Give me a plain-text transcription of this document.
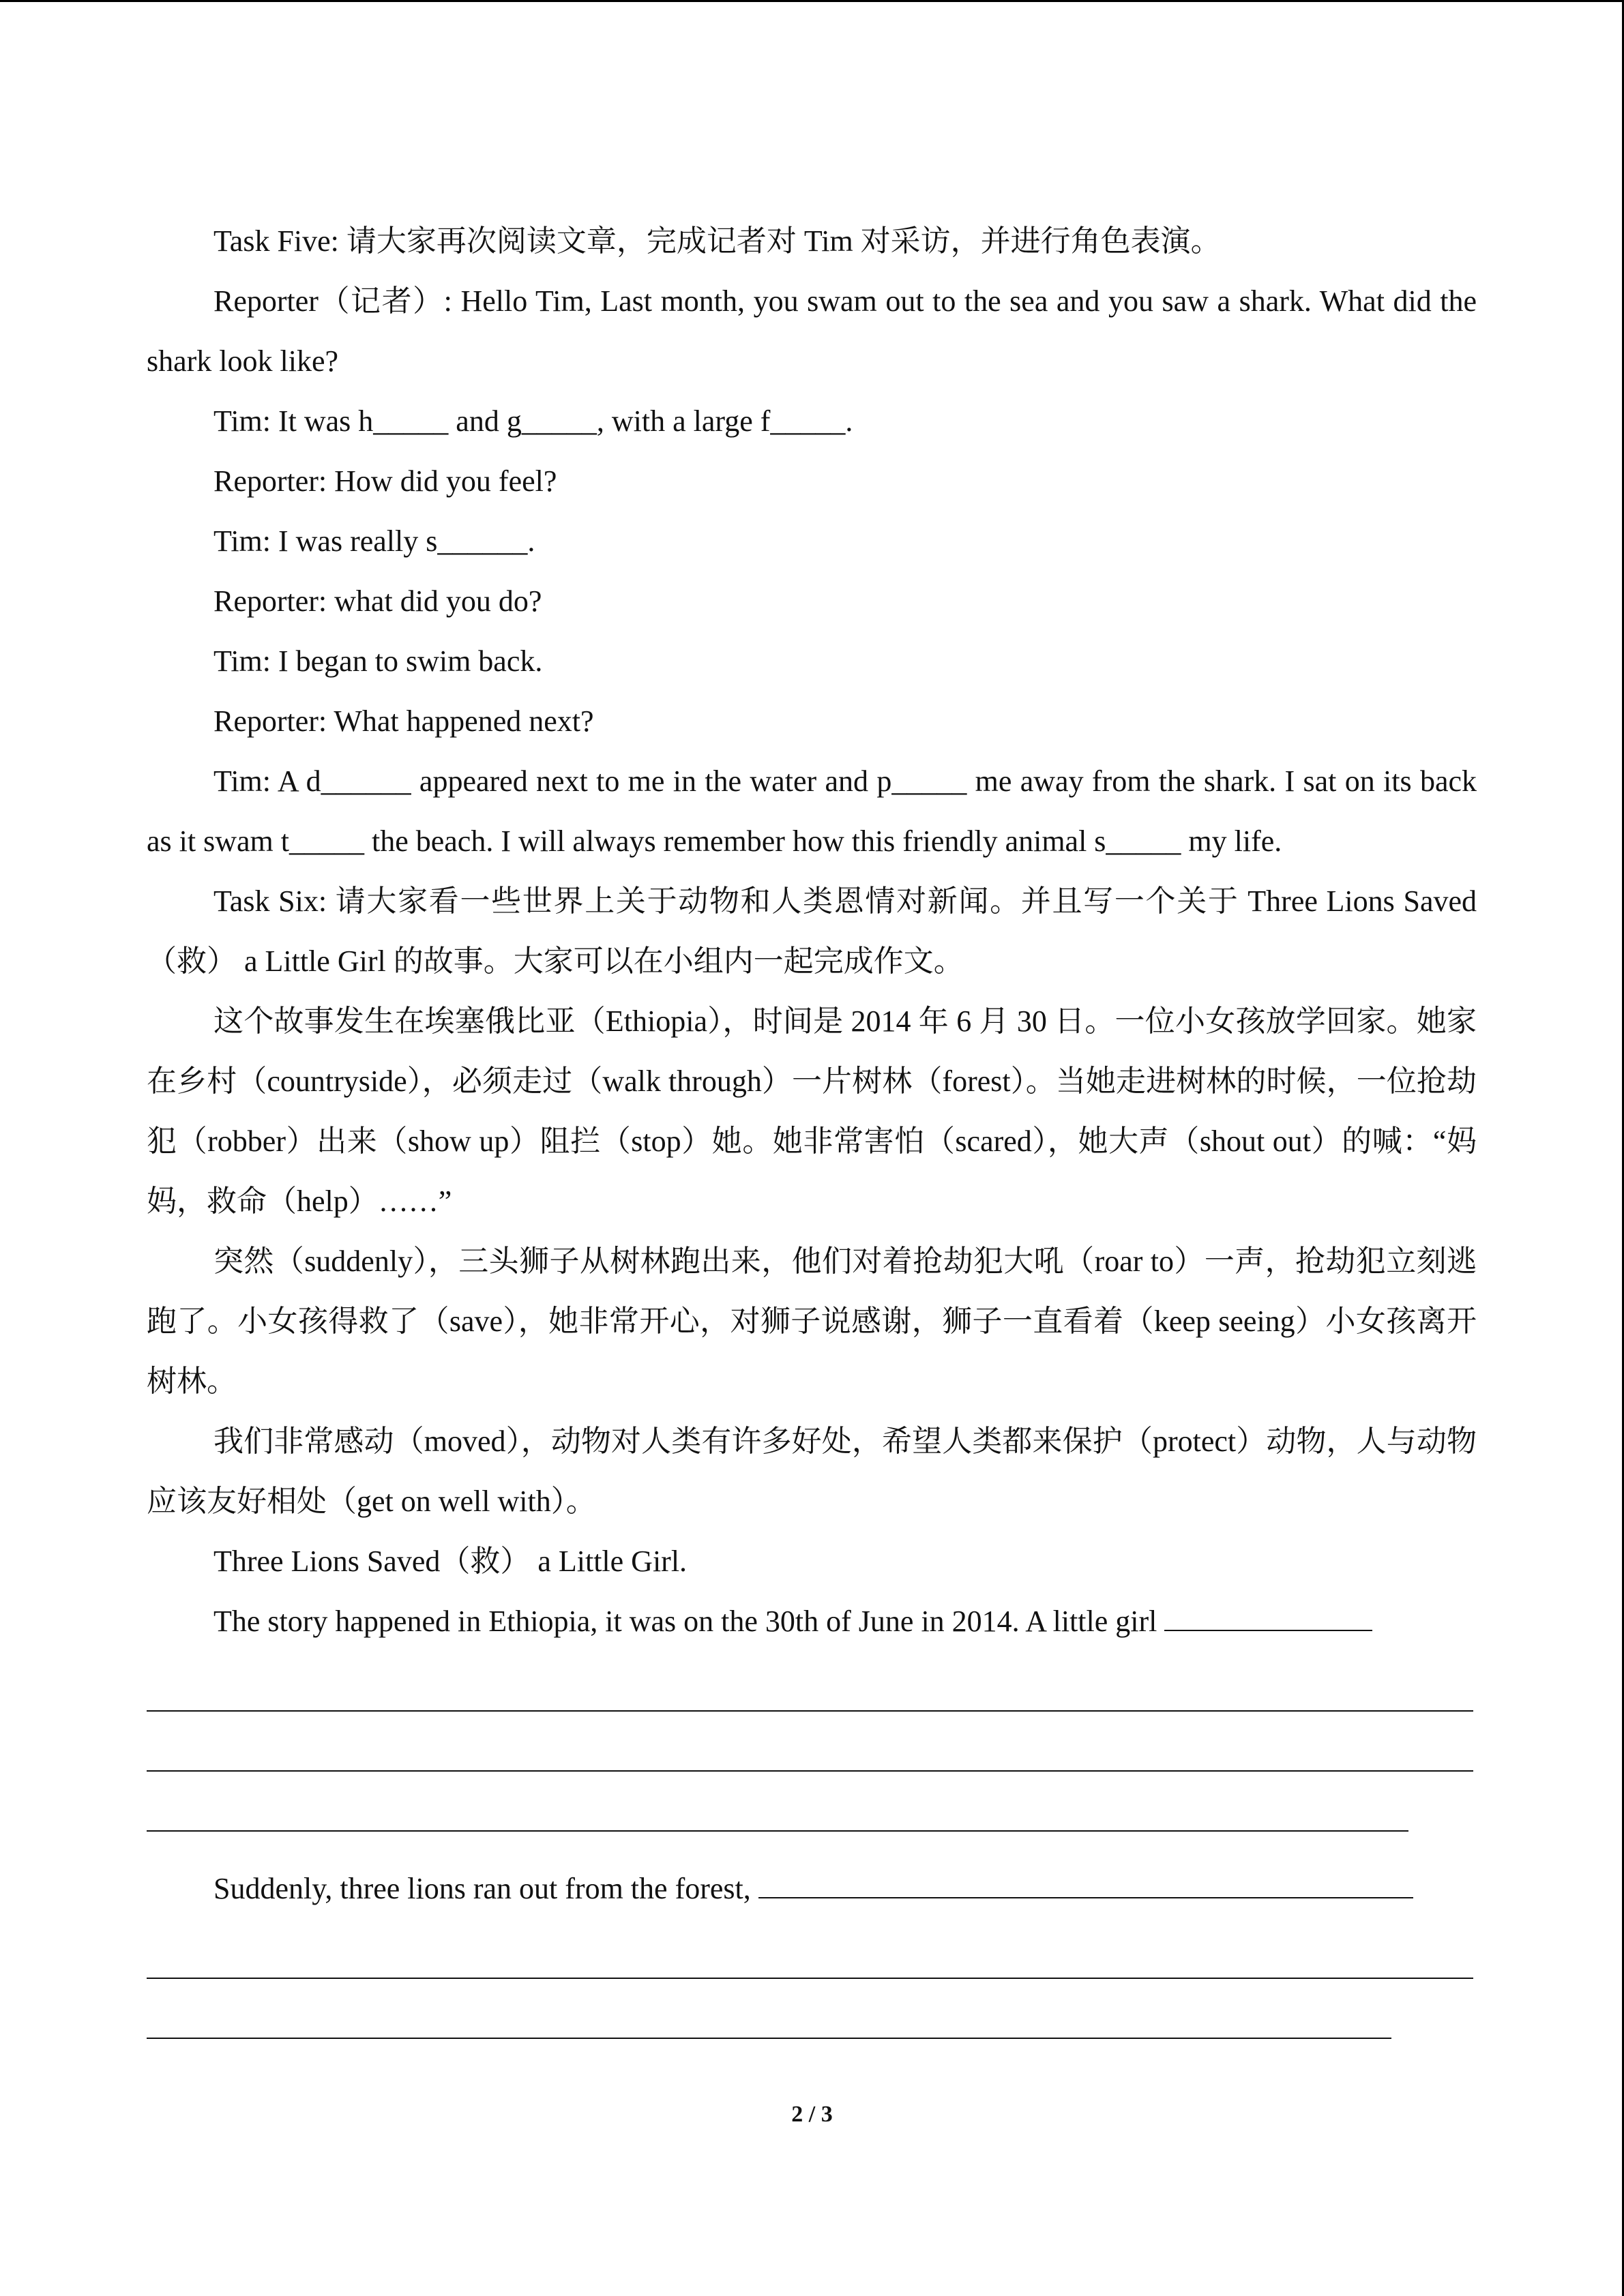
Task Five: 请大家再次阅读文章，完成记者对 Tim 对采访，并进行角色表演。

Reporter（记者）: Hello Tim, Last month, you swam out to the sea and you saw a shark. What did the shark look like?

Tim: It was h_____ and g_____, with a large f_____.

Reporter: How did you feel?

Tim: I was really s______.

Reporter: what did you do?

Tim: I began to swim back.

Reporter: What happened next?

Tim: A d______ appeared next to me in the water and p_____ me away from the shark. I sat on its back as it swam t_____ the beach. I will always remember how this friendly animal s_____ my life.

Task Six: 请大家看一些世界上关于动物和人类恩情对新闻。并且写一个关于 Three Lions Saved（救） a Little Girl 的故事。大家可以在小组内一起完成作文。

这个故事发生在埃塞俄比亚（Ethiopia），时间是 2014 年 6 月 30 日。一位小女孩放学回家。她家在乡村（countryside），必须走过（walk through）一片树林（forest）。当她走进树林的时候，一位抢劫犯（robber）出来（show up）阻拦（stop）她。她非常害怕（scared），她大声（shout out）的喊：“妈妈，救命（help）……”

突然（suddenly），三头狮子从树林跑出来，他们对着抢劫犯大吼（roar to）一声，抢劫犯立刻逃跑了。小女孩得救了（save），她非常开心，对狮子说感谢，狮子一直看着（keep seeing）小女孩离开树林。

我们非常感动（moved），动物对人类有许多好处，希望人类都来保护（protect）动物，人与动物应该友好相处（get on well with）。

Three Lions Saved（救） a Little Girl.

The story happened in Ethiopia, it was on the 30th of June in 2014. A little girl

Suddenly, three lions ran out from the forest,

2 / 3
